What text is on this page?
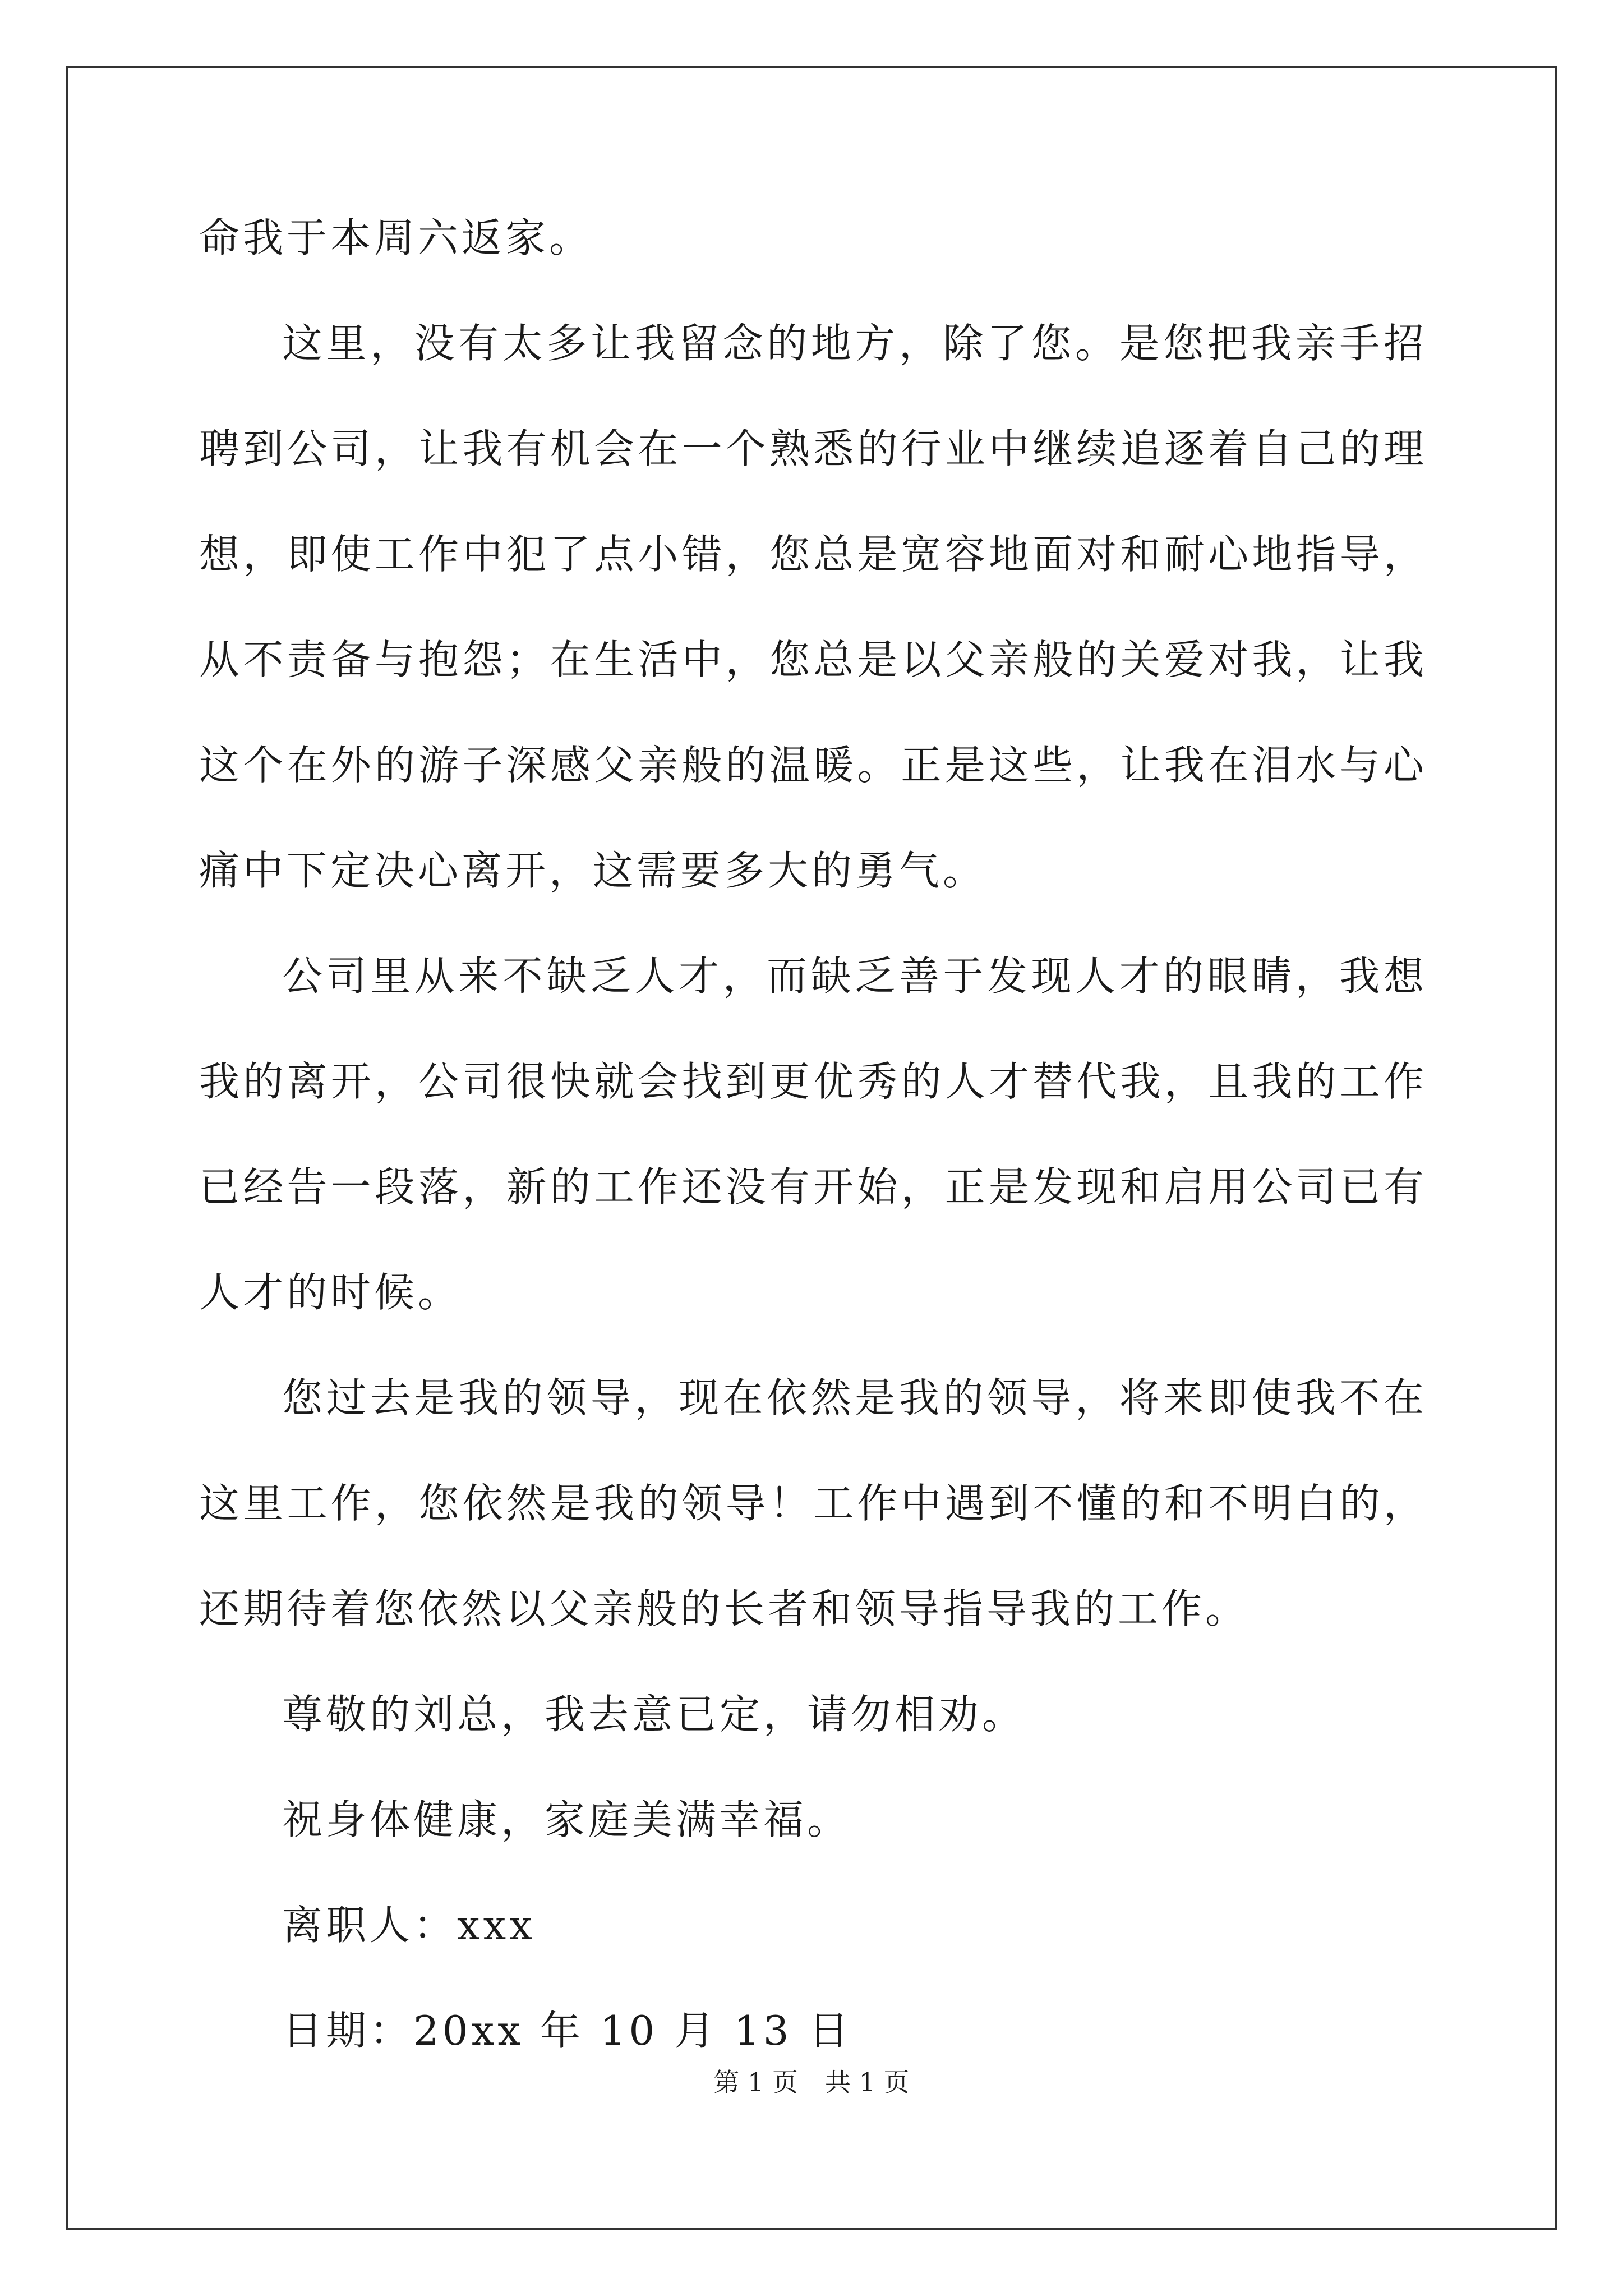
命我于本周六返家。

这里，没有太多让我留念的地方，除了您。是您把我亲手招聘到公司，让我有机会在一个熟悉的行业中继续追逐着自己的理想，即使工作中犯了点小错，您总是宽容地面对和耐心地指导，从不责备与抱怨；在生活中，您总是以父亲般的关爱对我，让我这个在外的游子深感父亲般的温暖。正是这些，让我在泪水与心痛中下定决心离开，这需要多大的勇气。

公司里从来不缺乏人才，而缺乏善于发现人才的眼睛，我想我的离开，公司很快就会找到更优秀的人才替代我，且我的工作已经告一段落，新的工作还没有开始，正是发现和启用公司已有人才的时候。

您过去是我的领导，现在依然是我的领导，将来即使我不在这里工作，您依然是我的领导！工作中遇到不懂的和不明白的，还期待着您依然以父亲般的长者和领导指导我的工作。

尊敬的刘总，我去意已定，请勿相劝。

祝身体健康，家庭美满幸福。

离职人：xxx

日期：20xx 年 10 月 13 日

第 1 页 共 1 页
